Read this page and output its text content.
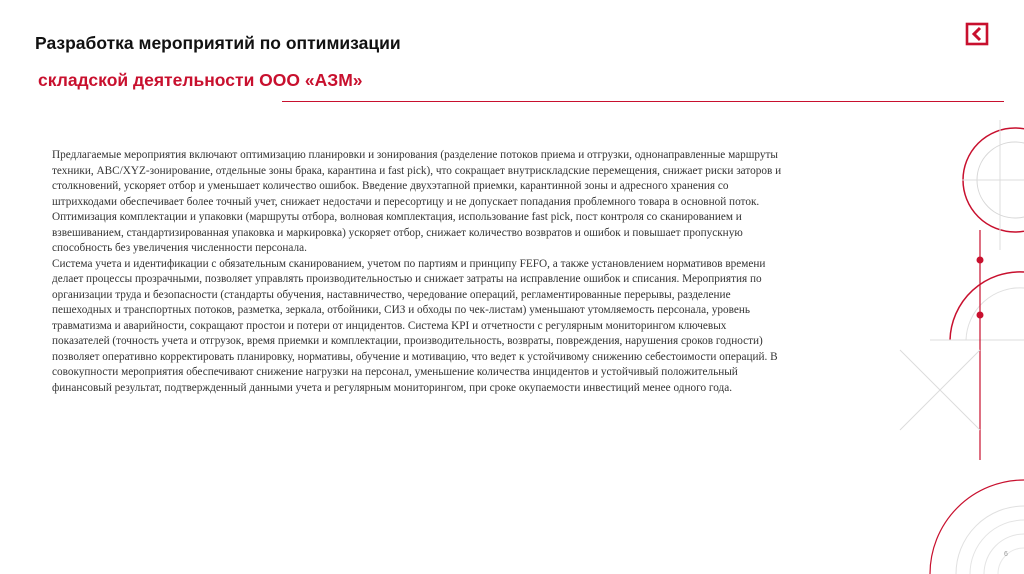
Разработка мероприятий по оптимизации
складской деятельности ООО «АЗМ»

Предлагаемые мероприятия включают оптимизацию планировки и зонирования (разделение потоков приема и отгрузки, однонаправленные маршруты техники, ABC/XYZ-зонирование, отдельные зоны брака, карантина и fast pick), что сокращает внутрискладские перемещения, снижает риски заторов и столкновений, ускоряет отбор и уменьшает количество ошибок. Введение двухэтапной приемки, карантинной зоны и адресного хранения со штрихкодами обеспечивает более точный учет, снижает недостачи и пересортицу и не допускает попадания проблемного товара в основной поток. Оптимизация комплектации и упаковки (маршруты отбора, волновая комплектация, использование fast pick, пост контроля со сканированием и взвешиванием, стандартизированная упаковка и маркировка) ускоряет отбор, снижает количество возвратов и ошибок и повышает пропускную способность без увеличения численности персонала.

Система учета и идентификации с обязательным сканированием, учетом по партиям и принципу FEFO, а также установлением нормативов времени делает процессы прозрачными, позволяет управлять производительностью и снижает затраты на исправление ошибок и списания. Мероприятия по организации труда и безопасности (стандарты обучения, наставничество, чередование операций, регламентированные перерывы, разделение пешеходных и транспортных потоков, разметка, зеркала, отбойники, СИЗ и обходы по чек-листам) уменьшают утомляемость персонала, уровень травматизма и аварийности, сокращают простои и потери от инцидентов. Система KPI и отчетности с регулярным мониторингом ключевых показателей (точность учета и отгрузок, время приемки и комплектации, производительность, возвраты, повреждения, нарушения сроков годности) позволяет оперативно корректировать планировку, нормативы, обучение и мотивацию, что ведет к устойчивому снижению себестоимости операций. В совокупности мероприятия обеспечивают снижение нагрузки на персонал, уменьшение количества инцидентов и устойчивый положительный финансовый результат, подтвержденный данными учета и регулярным мониторингом, при сроке окупаемости инвестиций менее одного года.

6
